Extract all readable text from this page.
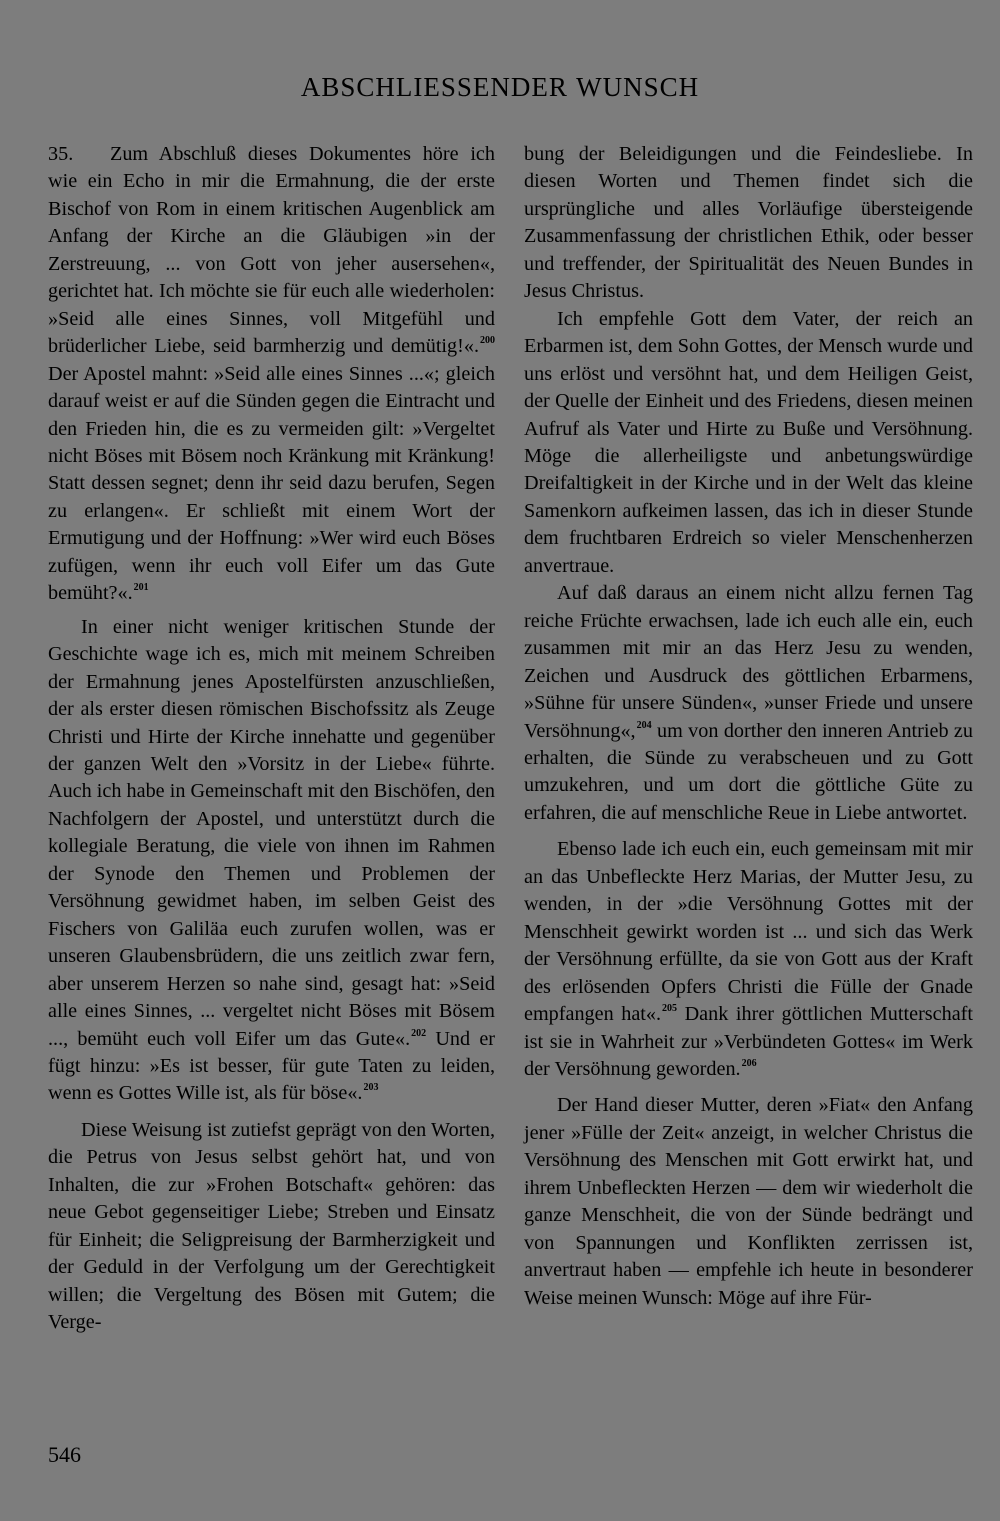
ABSCHLIESSENDER WUNSCH

35. Zum Abschluß dieses Dokumentes höre ich wie ein Echo in mir die Ermahnung, die der erste Bischof von Rom in einem kritischen Augenblick am Anfang der Kirche an die Gläubigen »in der Zerstreuung, ... von Gott von jeher ausersehen«, gerichtet hat. Ich möchte sie für euch alle wiederholen: »Seid alle eines Sinnes, voll Mitgefühl und brüderlicher Liebe, seid barmherzig und demütig!«.$^{200}$ Der Apostel mahnt: »Seid alle eines Sinnes ...«; gleich darauf weist er auf die Sünden gegen die Eintracht und den Frieden hin, die es zu vermeiden gilt: »Vergeltet nicht Böses mit Bösem noch Kränkung mit Kränkung! Statt dessen segnet; denn ihr seid dazu berufen, Segen zu erlangen«. Er schließt mit einem Wort der Ermutigung und der Hoffnung: »Wer wird euch Böses zufügen, wenn ihr euch voll Eifer um das Gute bemüht?«.$^{201}$

In einer nicht weniger kritischen Stunde der Geschichte wage ich es, mich mit meinem Schreiben der Ermahnung jenes Apostelfürsten anzuschließen, der als erster diesen römischen Bischofssitz als Zeuge Christi und Hirte der Kirche innehatte und gegenüber der ganzen Welt den »Vorsitz in der Liebe« führte. Auch ich habe in Gemeinschaft mit den Bischöfen, den Nachfolgern der Apostel, und unterstützt durch die kollegiale Beratung, die viele von ihnen im Rahmen der Synode den Themen und Problemen der Versöhnung gewidmet haben, im selben Geist des Fischers von Galiläa euch zurufen wollen, was er unseren Glaubensbrüdern, die uns zeitlich zwar fern, aber unserem Herzen so nahe sind, gesagt hat: »Seid alle eines Sinnes, ... vergeltet nicht Böses mit Bösem ..., bemüht euch voll Eifer um das Gute«.$^{202}$ Und er fügt hinzu: »Es ist besser, für gute Taten zu leiden, wenn es Gottes Wille ist, als für böse«.$^{203}$

Diese Weisung ist zutiefst geprägt von den Worten, die Petrus von Jesus selbst gehört hat, und von Inhalten, die zur »Frohen Botschaft« gehören: das neue Gebot gegenseitiger Liebe; Streben und Einsatz für Einheit; die Seligpreisung der Barmherzigkeit und der Geduld in der Verfolgung um der Gerechtigkeit willen; die Vergeltung des Bösen mit Gutem; die Verge-

bung der Beleidigungen und die Feindesliebe. In diesen Worten und Themen findet sich die ursprüngliche und alles Vorläufige übersteigende Zusammenfassung der christlichen Ethik, oder besser und treffender, der Spiritualität des Neuen Bundes in Jesus Christus.

Ich empfehle Gott dem Vater, der reich an Erbarmen ist, dem Sohn Gottes, der Mensch wurde und uns erlöst und versöhnt hat, und dem Heiligen Geist, der Quelle der Einheit und des Friedens, diesen meinen Aufruf als Vater und Hirte zu Buße und Versöhnung. Möge die allerheiligste und anbetungswürdige Dreifaltigkeit in der Kirche und in der Welt das kleine Samenkorn aufkeimen lassen, das ich in dieser Stunde dem fruchtbaren Erdreich so vieler Menschenherzen anvertraue.

Auf daß daraus an einem nicht allzu fernen Tag reiche Früchte erwachsen, lade ich euch alle ein, euch zusammen mit mir an das Herz Jesu zu wenden, Zeichen und Ausdruck des göttlichen Erbarmens, »Sühne für unsere Sünden«, »unser Friede und unsere Versöhnung«,$^{204}$ um von dorther den inneren Antrieb zu erhalten, die Sünde zu verabscheuen und zu Gott umzukehren, und um dort die göttliche Güte zu erfahren, die auf menschliche Reue in Liebe antwortet.

Ebenso lade ich euch ein, euch gemeinsam mit mir an das Unbefleckte Herz Marias, der Mutter Jesu, zu wenden, in der »die Versöhnung Gottes mit der Menschheit gewirkt worden ist ... und sich das Werk der Versöhnung erfüllte, da sie von Gott aus der Kraft des erlösenden Opfers Christi die Fülle der Gnade empfangen hat«.$^{205}$ Dank ihrer göttlichen Mutterschaft ist sie in Wahrheit zur »Verbündeten Gottes« im Werk der Versöhnung geworden.$^{206}$

Der Hand dieser Mutter, deren »Fiat« den Anfang jener »Fülle der Zeit« anzeigt, in welcher Christus die Versöhnung des Menschen mit Gott erwirkt hat, und ihrem Unbefleckten Herzen — dem wir wiederholt die ganze Menschheit, die von der Sünde bedrängt und von Spannungen und Konflikten zerrissen ist, anvertraut haben — empfehle ich heute in besonderer Weise meinen Wunsch: Möge auf ihre Für-

546
